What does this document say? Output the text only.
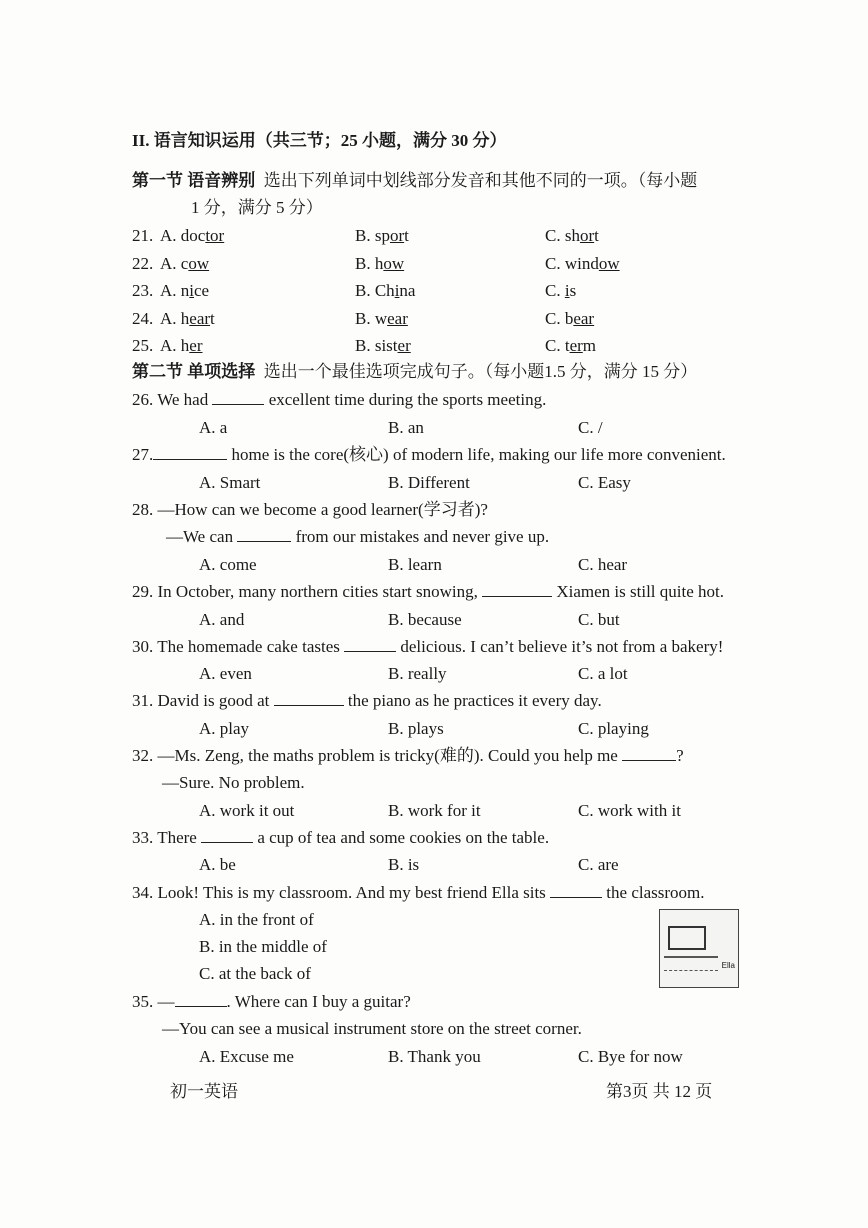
II. 语言知识运用（共三节；25 小题，满分 30 分）
第一节 语音辨别 选出下列单词中划线部分发音和其他不同的一项。（每小题
1 分，满分 5 分）
21. A. doctor	B. sport	C. short
22. A. cow	B. how	C. window
23. A. nice	B. China	C. is
24. A. heart	B. wear	C. bear
25. A. her	B. sister	C. term
第二节 单项选择 选出一个最佳选项完成句子。（每小题1.5 分，满分 15 分）
26. We had	excellent time during the sports meeting.
A. a	B. an	C. /
27.	home is the core(核心) of modern life, making our life more convenient.
A. Smart	B. Different	C. Easy
28. —How can we become a good learner(学习者)?
—We can	from our mistakes and never give up.
A. come	B. learn	C. hear
29. In October, many northern cities start snowing,	Xiamen is still quite hot.
A. and	B. because	C. but
30. The homemade cake tastes	delicious. I can’t believe it’s not from a bakery!
A. even	B. really	C. a lot
31. David is good at	the piano as he practices it every day.
A. play	B. plays	C. playing
32. —Ms. Zeng, the maths problem is tricky(难的). Could you help me	?
—Sure. No problem.
A. work it out	B. work for it	C. work with it
33. There	a cup of tea and some cookies on the table.
A. be	B. is	C. are
34. Look! This is my classroom. And my best friend Ella sits	the classroom.
A. in the front of
B. in the middle of
C. at the back of	Ella
35. —	. Where can I buy a guitar?
—You can see a musical instrument store on the street corner.
A. Excuse me	B. Thank you	C. Bye for now
初一英语	第3页 共 12 页
